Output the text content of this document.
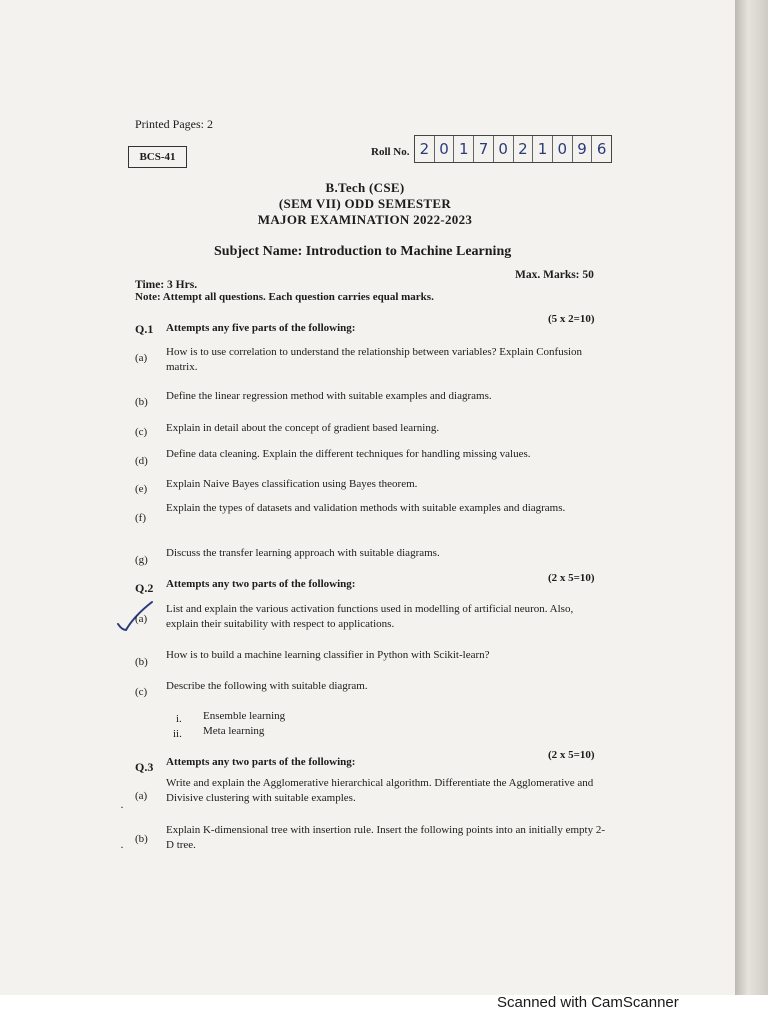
Printed Pages: 2
BCS-41	Roll No. 2 0 1 7 0 2 1 0 9 6
B.Tech (CSE)
(SEM VII) ODD SEMESTER
MAJOR EXAMINATION 2022-2023
Subject Name: Introduction to Machine Learning
Max. Marks: 50
Time: 3 Hrs.
Note: Attempt all questions. Each question carries equal marks.
Q.1 Attempts any five parts of the following:
(5 x 2=10)
(a) How is to use correlation to understand the relationship between variables? Explain Confusion matrix.
(b) Define the linear regression method with suitable examples and diagrams.
(c) Explain in detail about the concept of gradient based learning.
(d)
Define data cleaning. Explain the different techniques for handling missing values.
(e) Explain Naive Bayes classification using Bayes theorem.
(f)
Explain the types of datasets and validation methods with suitable examples and diagrams.
(g)
Discuss the transfer learning approach with suitable diagrams.
Q.2 Attempts any two parts of the following:	(2 x 5=10)
(a)
List and explain the various activation functions used in modelling of artificial neuron. Also, explain their suitability with respect to applications.
(b)
How is to build a machine learning classifier in Python with Scikit-learn?
(c) Describe the following with suitable diagram.
i. Ensemble learning
ii. Meta learning
Q.3 Attempts any two parts of the following:
(2 x 5=10)
(a)
Write and explain the Agglomerative hierarchical algorithm. Differentiate the Agglomerative and Divisive clustering with suitable examples.
·
(b)
Explain K-dimensional tree with insertion rule. Insert the following points into an initially empty 2-D tree.
·
Scanned with CamScanner
